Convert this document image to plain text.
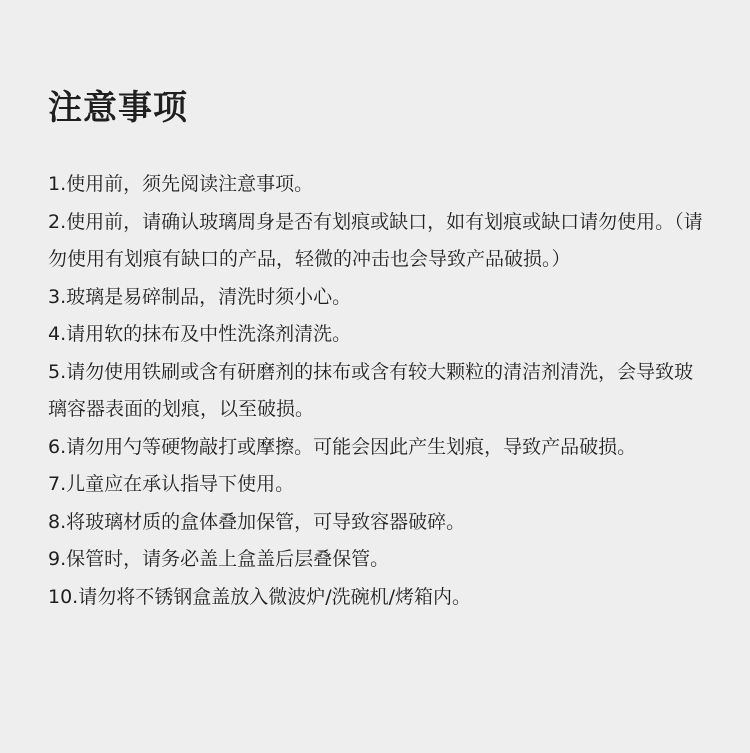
注意事项
1.使用前，须先阅读注意事项。
2.使用前，请确认玻璃周身是否有划痕或缺口，如有划痕或缺口请勿使用。（请勿使用有划痕有缺口的产品，轻微的冲击也会导致产品破损。）
3.玻璃是易碎制品，清洗时须小心。
4.请用软的抹布及中性洗涤剂清洗。
5.请勿使用铁刷或含有研磨剂的抹布或含有较大颗粒的清洁剂清洗，会导致玻璃容器表面的划痕，以至破损。
6.请勿用勺等硬物敲打或摩擦。可能会因此产生划痕，导致产品破损。
7.儿童应在承认指导下使用。
8.将玻璃材质的盒体叠加保管，可导致容器破碎。
9.保管时，请务必盖上盒盖后层叠保管。
10.请勿将不锈钢盒盖放入微波炉/洗碗机/烤箱内。
